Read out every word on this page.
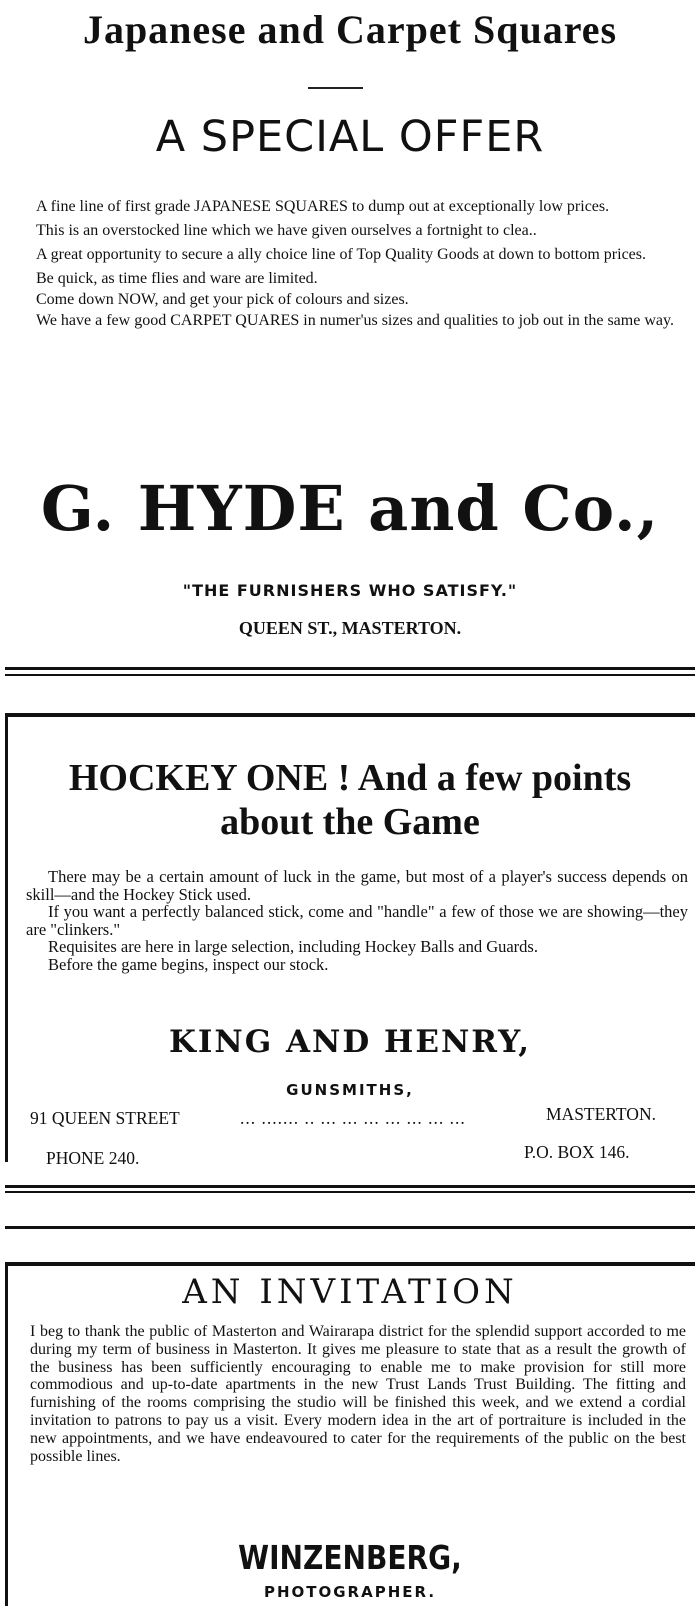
Japanese and Carpet Squares
A SPECIAL OFFER

A fine line of first grade JAPANESE SQUARES to dump out at exceptionally low prices.

This is an overstocked line which we have given ourselves a fortnight to clea..

A great opportunity to secure a ally choice line of Top Quality Goods at down to bottom prices.

Be quick, as time flies and ware are limited.

Come down NOW, and get your pick of colours and sizes.

We have a few good CARPET QUARES in numer'us sizes and qualities to job out in the same way.

G. HYDE and Co.,
"THE FURNISHERS WHO SATISFY."
QUEEN ST., MASTERTON.
HOCKEY ONE ! And a few points
about the Game

There may be a certain amount of luck in the game, but most of a player's success depends on skill—and the Hockey Stick used.

If you want a perfectly balanced stick, come and "handle" a few of those we are showing—they are "clinkers."

Requisites are here in large selection, including Hockey Balls and Guards.

Before the game begins, inspect our stock.

KING AND HENRY,
GUNSMITHS,
91 QUEEN STREET	... ....... .. ... ... ... ... ... ... ...	MASTERTON.
PHONE 240.	P.O. BOX 146.
AN INVITATION

I beg to thank the public of Masterton and Wairarapa district for the splendid support accorded to me during my term of business in Masterton. It gives me pleasure to state that as a result the growth of the business has been sufficiently encouraging to enable me to make provision for still more commodious and up-to-date apartments in the new Trust Lands Trust Building. The fitting and furnishing of the rooms comprising the studio will be finished this week, and we extend a cordial invitation to patrons to pay us a visit. Every modern idea in the art of portraiture is included in the new appointments, and we have endeavoured to cater for the requirements of the public on the best possible lines.

WINZENBERG,
PHOTOGRAPHER.
